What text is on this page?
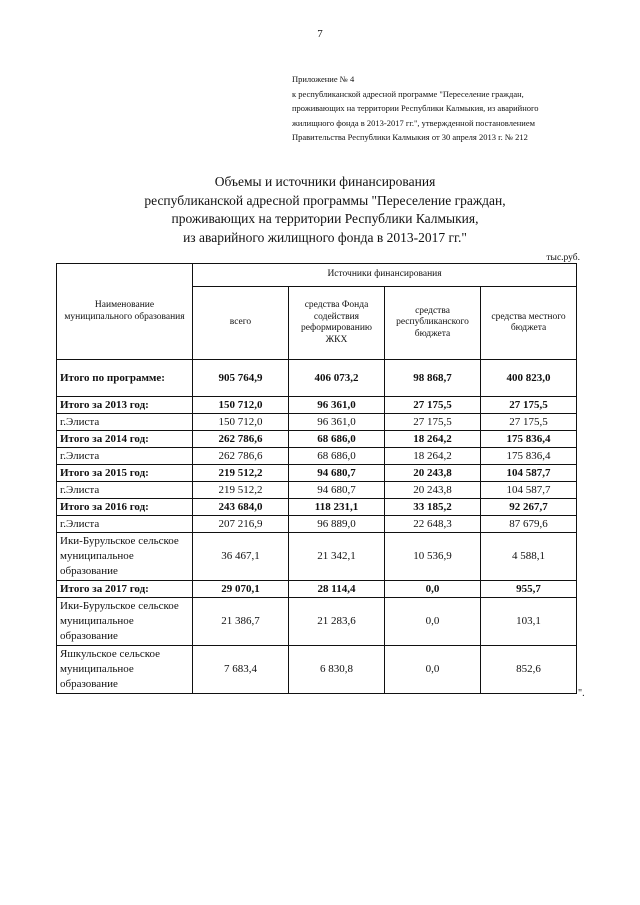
7
Приложение № 4
к республиканской адресной программе "Переселение граждан,
проживающих на территории Республики Калмыкия, из аварийного
жилищного фонда в 2013-2017 гг.", утвержденной постановлением
Правительства Республики Калмыкия от 30 апреля 2013 г. № 212
Объемы и источники финансирования
республиканской адресной программы "Переселение граждан,
проживающих на территории Республики Калмыкия,
из аварийного жилищного фонда в 2013-2017 гг."
тыс.руб.
Наименование муниципального образования	Источники финансирования			
	всего	средства Фонда содействия реформированию ЖКХ	средства республиканского бюджета	средства местного бюджета
Итого по программе:	905 764,9	406 073,2	98 868,7	400 823,0
Итого за 2013 год:	150 712,0	96 361,0	27 175,5	27 175,5
г.Элиста	150 712,0	96 361,0	27 175,5	27 175,5
Итого за 2014 год:	262 786,6	68 686,0	18 264,2	175 836,4
г.Элиста	262 786,6	68 686,0	18 264,2	175 836,4
Итого за 2015 год:	219 512,2	94 680,7	20 243,8	104 587,7
г.Элиста	219 512,2	94 680,7	20 243,8	104 587,7
Итого за 2016 год:	243 684,0	118 231,1	33 185,2	92 267,7
г.Элиста	207 216,9	96 889,0	22 648,3	87 679,6
Ики-Бурульское сельское муниципальное образование	36 467,1	21 342,1	10 536,9	4 588,1
Итого за 2017 год:	29 070,1	28 114,4	0,0	955,7
Ики-Бурульское сельское муниципальное образование	21 386,7	21 283,6	0,0	103,1
Яшкульское сельское муниципальное образование	7 683,4	6 830,8	0,0	852,6
".
